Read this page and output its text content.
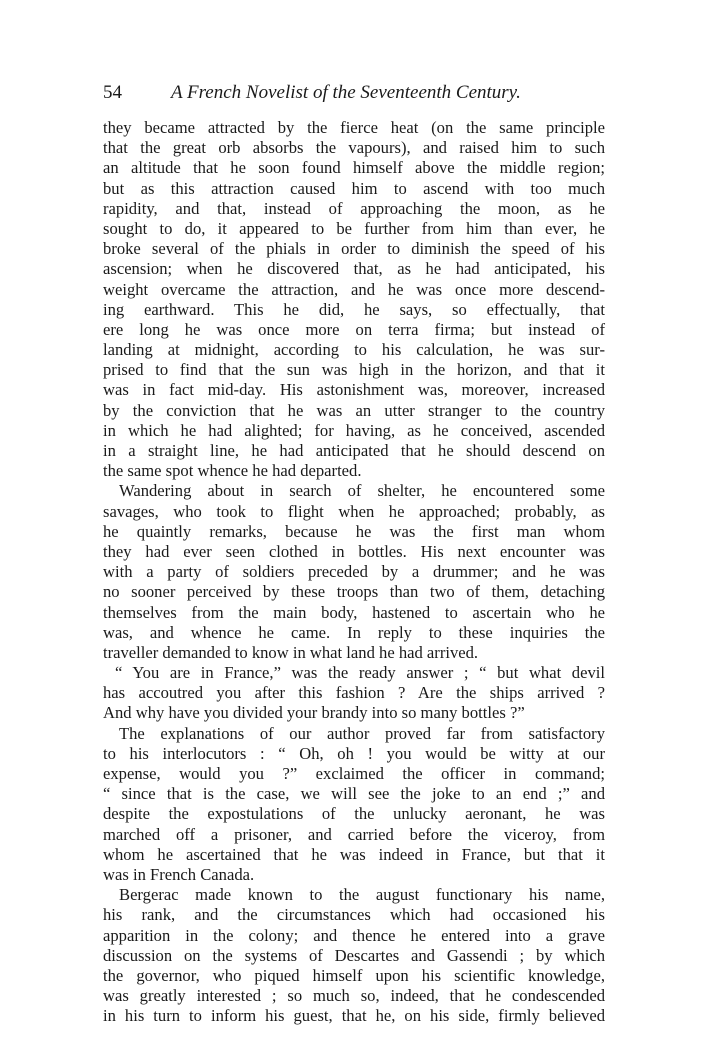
54	A French Novelist of the Seventeenth Century.
they became attracted by the fierce heat (on the same principle
that the great orb absorbs the vapours), and raised him to such
an altitude that he soon found himself above the middle region;
but as this attraction caused him to ascend with too much
rapidity, and that, instead of approaching the moon, as he
sought to do, it appeared to be further from him than ever, he
broke several of the phials in order to diminish the speed of his
ascension; when he discovered that, as he had anticipated, his
weight overcame the attraction, and he was once more descend-
ing earthward. This he did, he says, so effectually, that
ere long he was once more on terra firma; but instead of
landing at midnight, according to his calculation, he was sur-
prised to find that the sun was high in the horizon, and that it
was in fact mid-day. His astonishment was, moreover, increased
by the conviction that he was an utter stranger to the country
in which he had alighted; for having, as he conceived, ascended
in a straight line, he had anticipated that he should descend on
the same spot whence he had departed.
Wandering about in search of shelter, he encountered some
savages, who took to flight when he approached; probably, as
he quaintly remarks, because he was the first man whom
they had ever seen clothed in bottles. His next encounter was
with a party of soldiers preceded by a drummer; and he was
no sooner perceived by these troops than two of them, detaching
themselves from the main body, hastened to ascertain who he
was, and whence he came. In reply to these inquiries the
traveller demanded to know in what land he had arrived.
“ You are in France,” was the ready answer ; “ but what devil
has accoutred you after this fashion ? Are the ships arrived ?
And why have you divided your brandy into so many bottles ?”
The explanations of our author proved far from satisfactory
to his interlocutors : “ Oh, oh ! you would be witty at our
expense, would you ?” exclaimed the officer in command;
“ since that is the case, we will see the joke to an end ;” and
despite the expostulations of the unlucky aeronant, he was
marched off a prisoner, and carried before the viceroy, from
whom he ascertained that he was indeed in France, but that it
was in French Canada.
Bergerac made known to the august functionary his name,
his rank, and the circumstances which had occasioned his
apparition in the colony; and thence he entered into a grave
discussion on the systems of Descartes and Gassendi ; by which
the governor, who piqued himself upon his scientific knowledge,
was greatly interested ; so much so, indeed, that he condescended
in his turn to inform his guest, that he, on his side, firmly believed
